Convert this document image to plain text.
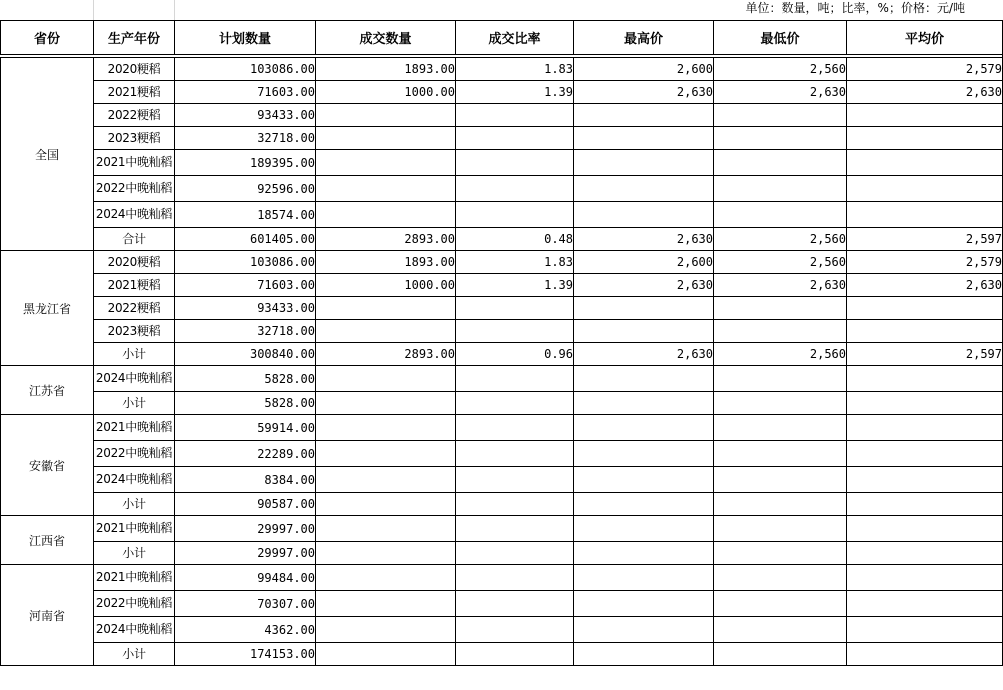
单位：数量，吨；比率，%；价格：元/吨
省份	生产年份	计划数量	成交数量	成交比率	最高价	最低价	平均价

全国	2020粳稻	103086.00	1893.00	1.83	2,600	2,560	2,579
	2021粳稻	71603.00	1000.00	1.39	2,630	2,630	2,630
	2022粳稻	93433.00					
	2023粳稻	32718.00					
	2021中晚籼稻	189395.00					
	2022中晚籼稻	92596.00					
	2024中晚籼稻	18574.00					
	合计	601405.00	2893.00	0.48	2,630	2,560	2,597
黑龙江省	2020粳稻	103086.00	1893.00	1.83	2,600	2,560	2,579
	2021粳稻	71603.00	1000.00	1.39	2,630	2,630	2,630
	2022粳稻	93433.00					
	2023粳稻	32718.00					
	小计	300840.00	2893.00	0.96	2,630	2,560	2,597
江苏省	2024中晚籼稻	5828.00					
	小计	5828.00					
安徽省	2021中晚籼稻	59914.00					
	2022中晚籼稻	22289.00					
	2024中晚籼稻	8384.00					
	小计	90587.00					
江西省	2021中晚籼稻	29997.00					
	小计	29997.00					
河南省	2021中晚籼稻	99484.00					
	2022中晚籼稻	70307.00					
	2024中晚籼稻	4362.00					
	小计	174153.00					
